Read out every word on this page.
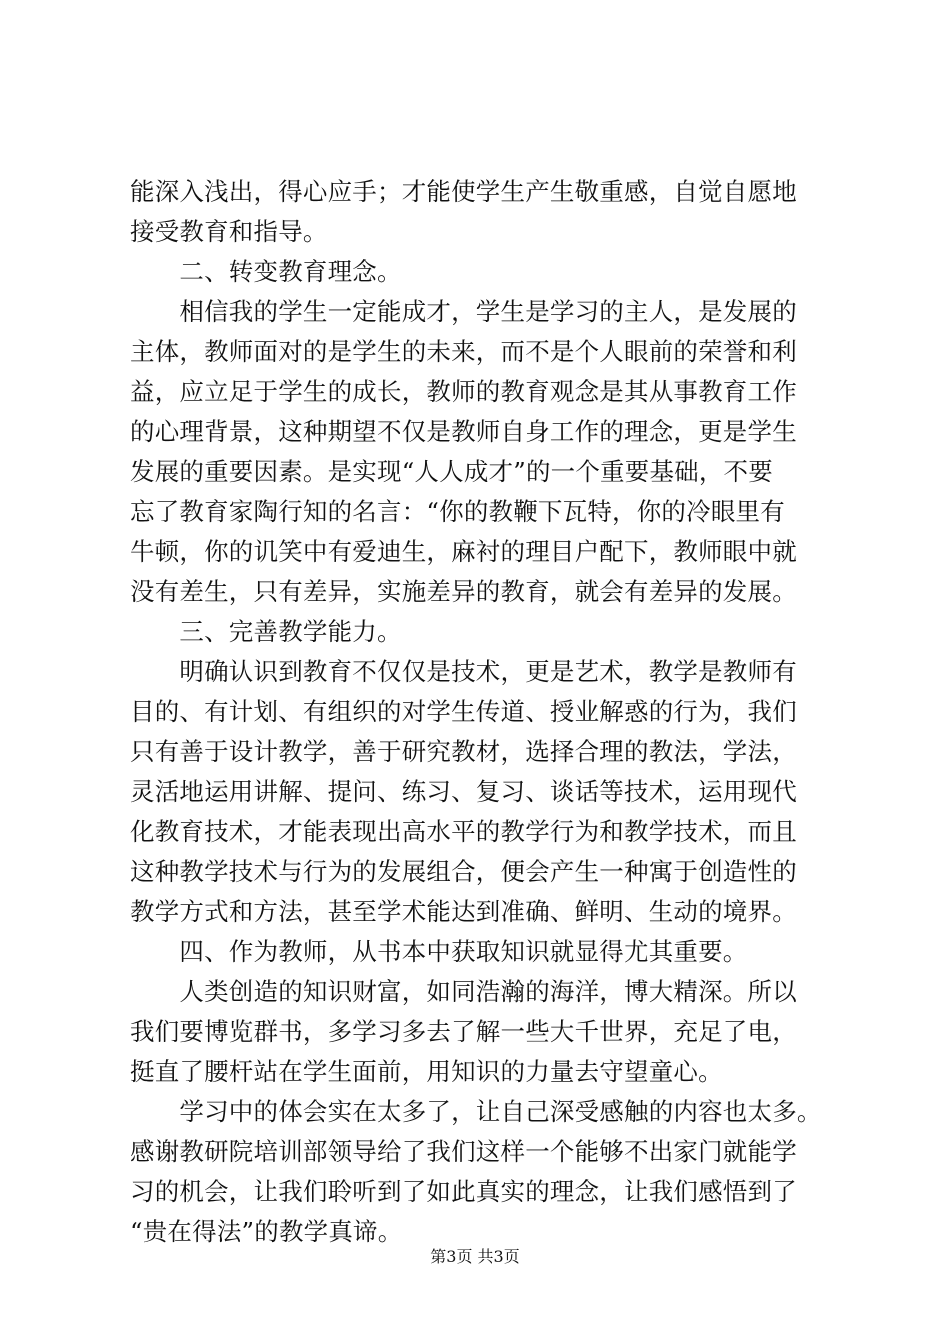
能深入浅出，得心应手；才能使学生产生敬重感，自觉自愿地
接受教育和指导。
　　二、转变教育理念。
　　相信我的学生一定能成才，学生是学习的主人，是发展的
主体，教师面对的是学生的未来，而不是个人眼前的荣誉和利
益，应立足于学生的成长，教师的教育观念是其从事教育工作
的心理背景，这种期望不仅是教师自身工作的理念，更是学生
发展的重要因素。是实现“人人成才”的一个重要基础，不要
忘了教育家陶行知的名言：“你的教鞭下瓦特，你的冷眼里有
牛顿，你的讥笑中有爱迪生，麻衬的理目户配下，教师眼中就
没有差生，只有差异，实施差异的教育，就会有差异的发展。
　　三、完善教学能力。
　　明确认识到教育不仅仅是技术，更是艺术，教学是教师有
目的、有计划、有组织的对学生传道、授业解惑的行为，我们
只有善于设计教学，善于研究教材，选择合理的教法，学法，
灵活地运用讲解、提问、练习、复习、谈话等技术，运用现代
化教育技术，才能表现出高水平的教学行为和教学技术，而且
这种教学技术与行为的发展组合，便会产生一种寓于创造性的
教学方式和方法，甚至学术能达到准确、鲜明、生动的境界。
　　四、作为教师，从书本中获取知识就显得尤其重要。
　　人类创造的知识财富，如同浩瀚的海洋，博大精深。所以
我们要博览群书，多学习多去了解一些大千世界，充足了电，
挺直了腰杆站在学生面前，用知识的力量去守望童心。
　　学习中的体会实在太多了，让自己深受感触的内容也太多。
感谢教研院培训部领导给了我们这样一个能够不出家门就能学
习的机会，让我们聆听到了如此真实的理念，让我们感悟到了
“贵在得法”的教学真谛。
第3页 共3页
